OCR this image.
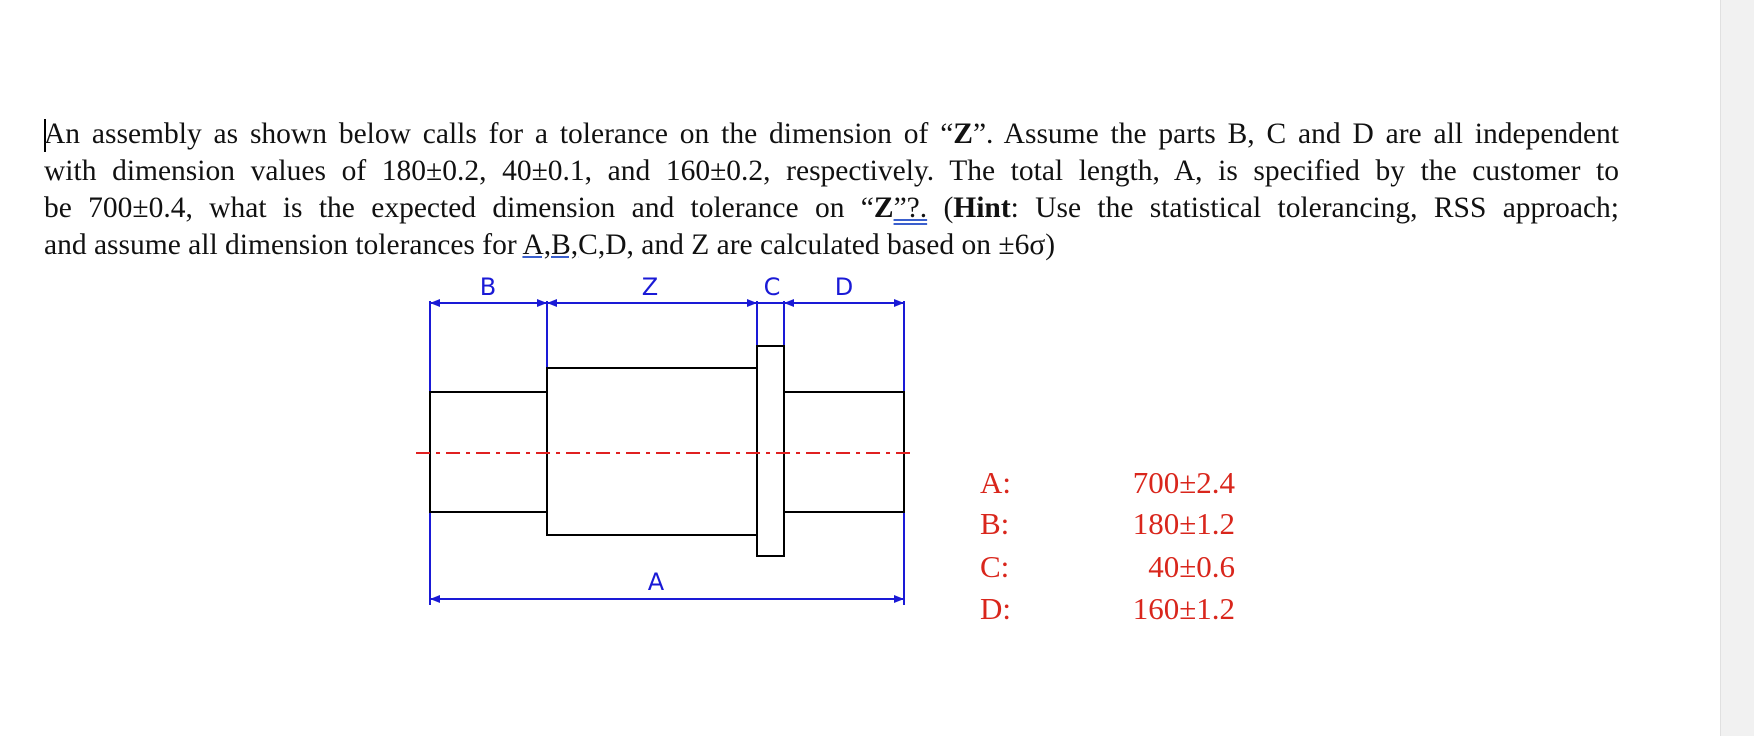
An assembly as shown below calls for a tolerance on the dimension of “Z”. Assume the parts B, C and D are all independent
with dimension values of 180±0.2, 40±0.1, and 160±0.2, respectively. The total length, A, is specified by the customer to
be 700±0.4, what is the expected dimension and tolerance on “Z”?. (Hint: Use the statistical tolerancing, RSS approach;
and assume all dimension tolerances for A,B,C,D, and Z are calculated based on ±6σ)
B	Z	C D
A
A:	700±2.4
B:	180±1.2
C:	40±0.6
D:	160±1.2
